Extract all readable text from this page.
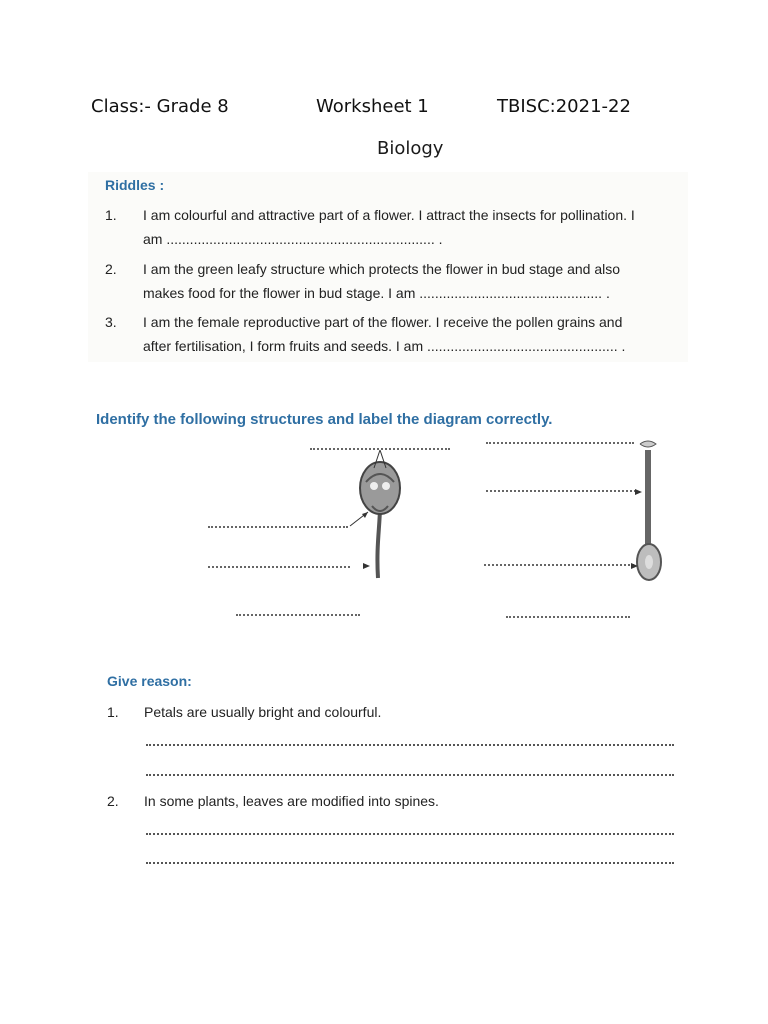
Class:- Grade 8	Worksheet 1	TBISC:2021-22
Biology
Riddles :
1.	I am colourful and attractive part of a flower. I attract the insects for pollination. I
am ..................................................................... .
2.	I am the green leafy structure which protects the flower in bud stage and also
makes food for the flower in bud stage. I am ............................................... .
3.	I am the female reproductive part of the flower. I receive the pollen grains and
after fertilisation, I form fruits and seeds. I am ................................................. .
Identify the following structures and label the diagram correctly.
Give reason:
1. Petals are usually bright and colourful.
2. In some plants, leaves are modified into spines.
